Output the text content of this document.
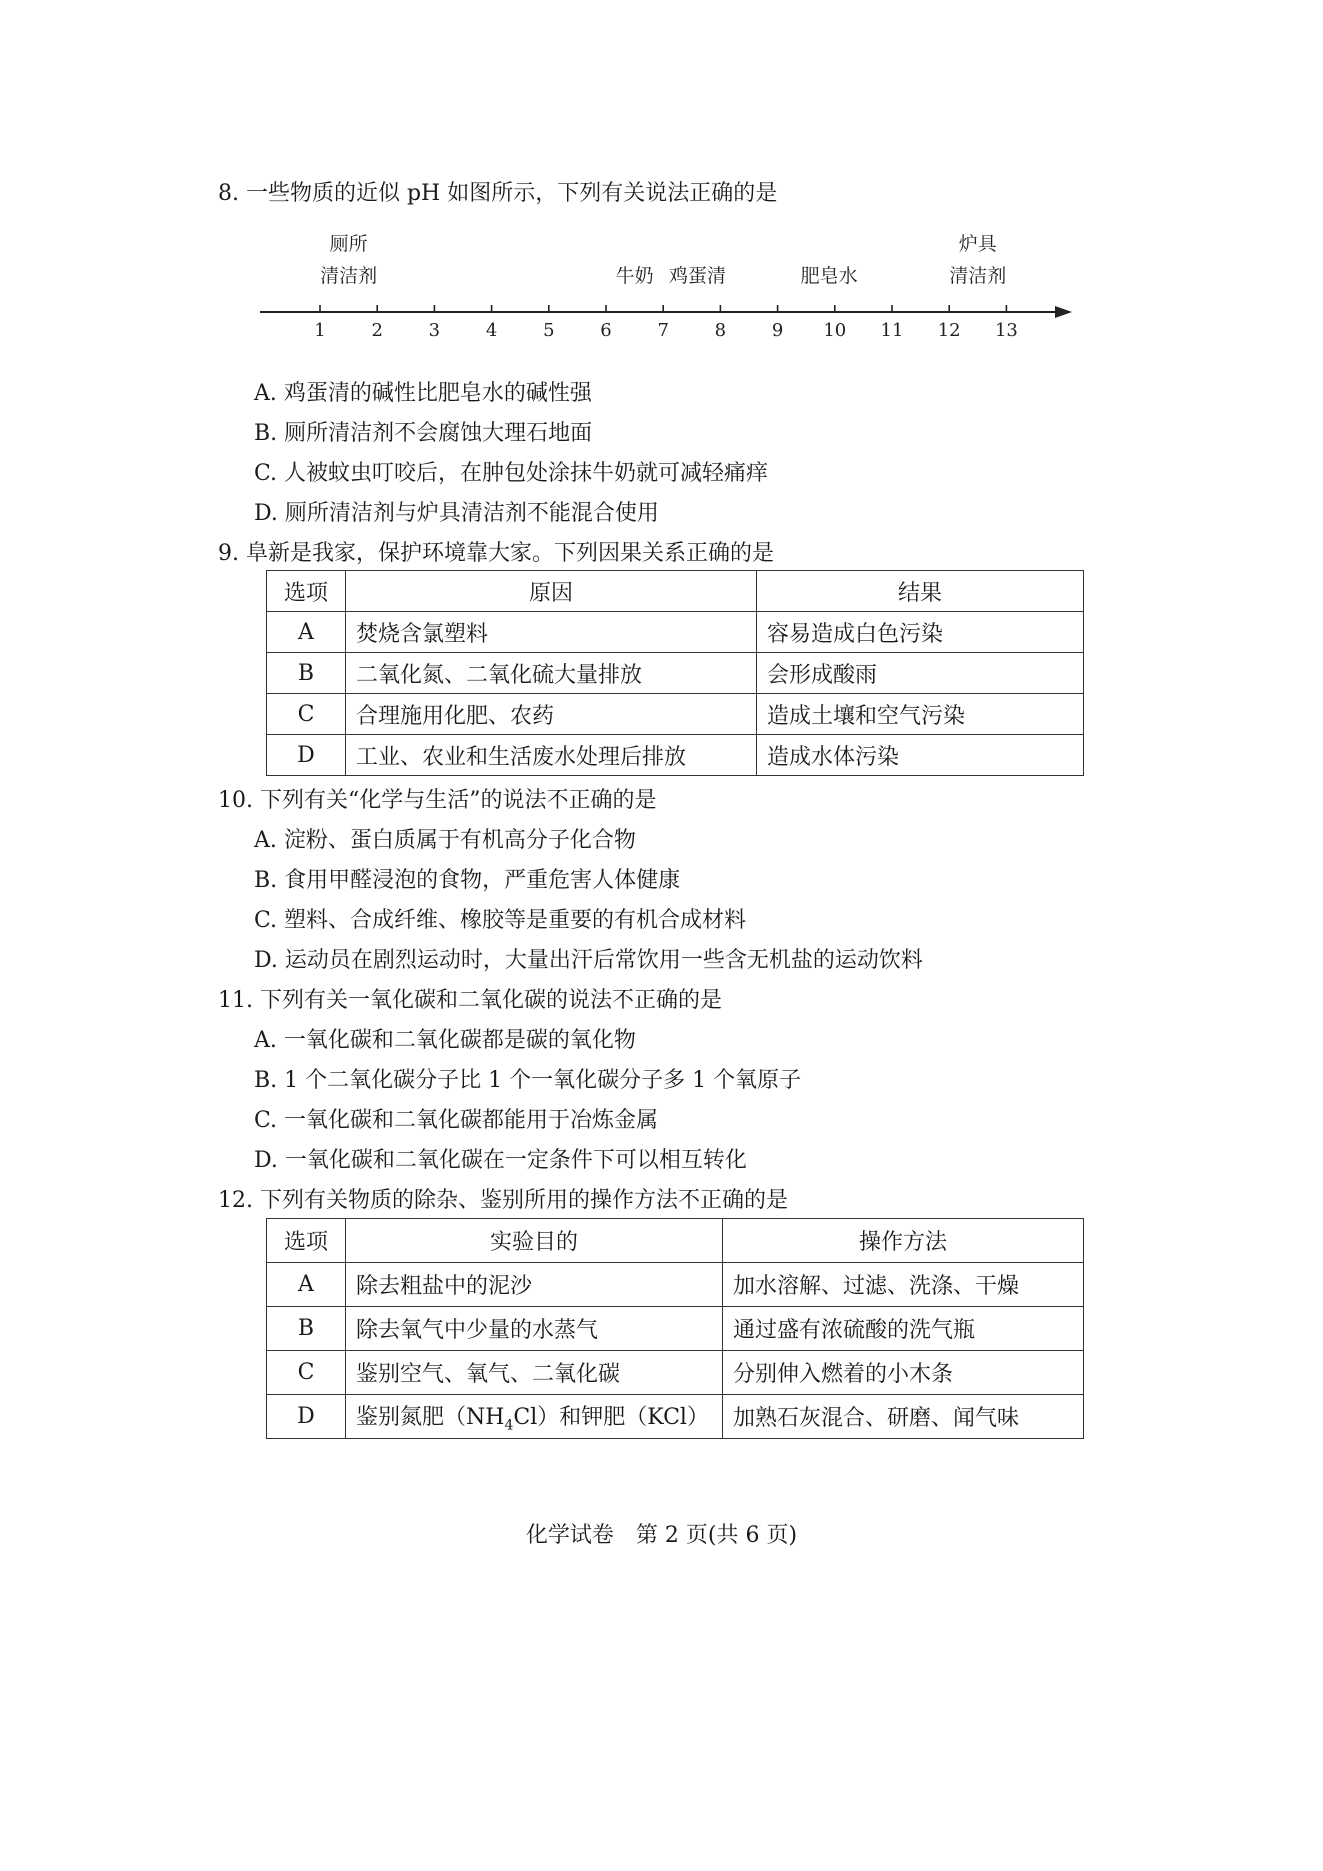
8. 一些物质的近似 pH 如图所示，下列有关说法正确的是
1	2	3	4	5	6	7	8	9 10 11 12 13
厕所
清洁剂	牛奶 鸡蛋清	肥皂水
炉具
清洁剂
A. 鸡蛋清的碱性比肥皂水的碱性强
B. 厕所清洁剂不会腐蚀大理石地面
C. 人被蚊虫叮咬后，在肿包处涂抹牛奶就可减轻痛痒
D. 厕所清洁剂与炉具清洁剂不能混合使用
9. 阜新是我家，保护环境靠大家。下列因果关系正确的是
选项	原因	结果
A	焚烧含氯塑料	容易造成白色污染
B	二氧化氮、二氧化硫大量排放	会形成酸雨
C	合理施用化肥、农药	造成土壤和空气污染
D	工业、农业和生活废水处理后排放	造成水体污染
10. 下列有关“化学与生活”的说法不正确的是
A. 淀粉、蛋白质属于有机高分子化合物
B. 食用甲醛浸泡的食物，严重危害人体健康
C. 塑料、合成纤维、橡胶等是重要的有机合成材料
D. 运动员在剧烈运动时，大量出汗后常饮用一些含无机盐的运动饮料
11. 下列有关一氧化碳和二氧化碳的说法不正确的是
A. 一氧化碳和二氧化碳都是碳的氧化物
B. 1 个二氧化碳分子比 1 个一氧化碳分子多 1 个氧原子
C. 一氧化碳和二氧化碳都能用于冶炼金属
D. 一氧化碳和二氧化碳在一定条件下可以相互转化
12. 下列有关物质的除杂、鉴别所用的操作方法不正确的是
选项	实验目的	操作方法
A	除去粗盐中的泥沙	加水溶解、过滤、洗涤、干燥
B	除去氧气中少量的水蒸气	通过盛有浓硫酸的洗气瓶
C	鉴别空气、氧气、二氧化碳	分别伸入燃着的小木条
D	鉴别氮肥$(NH_4Cl)$和钾肥（KCl）	加熟石灰混合、研磨、闻气味
化学试卷　第 2 页(共 6 页)
